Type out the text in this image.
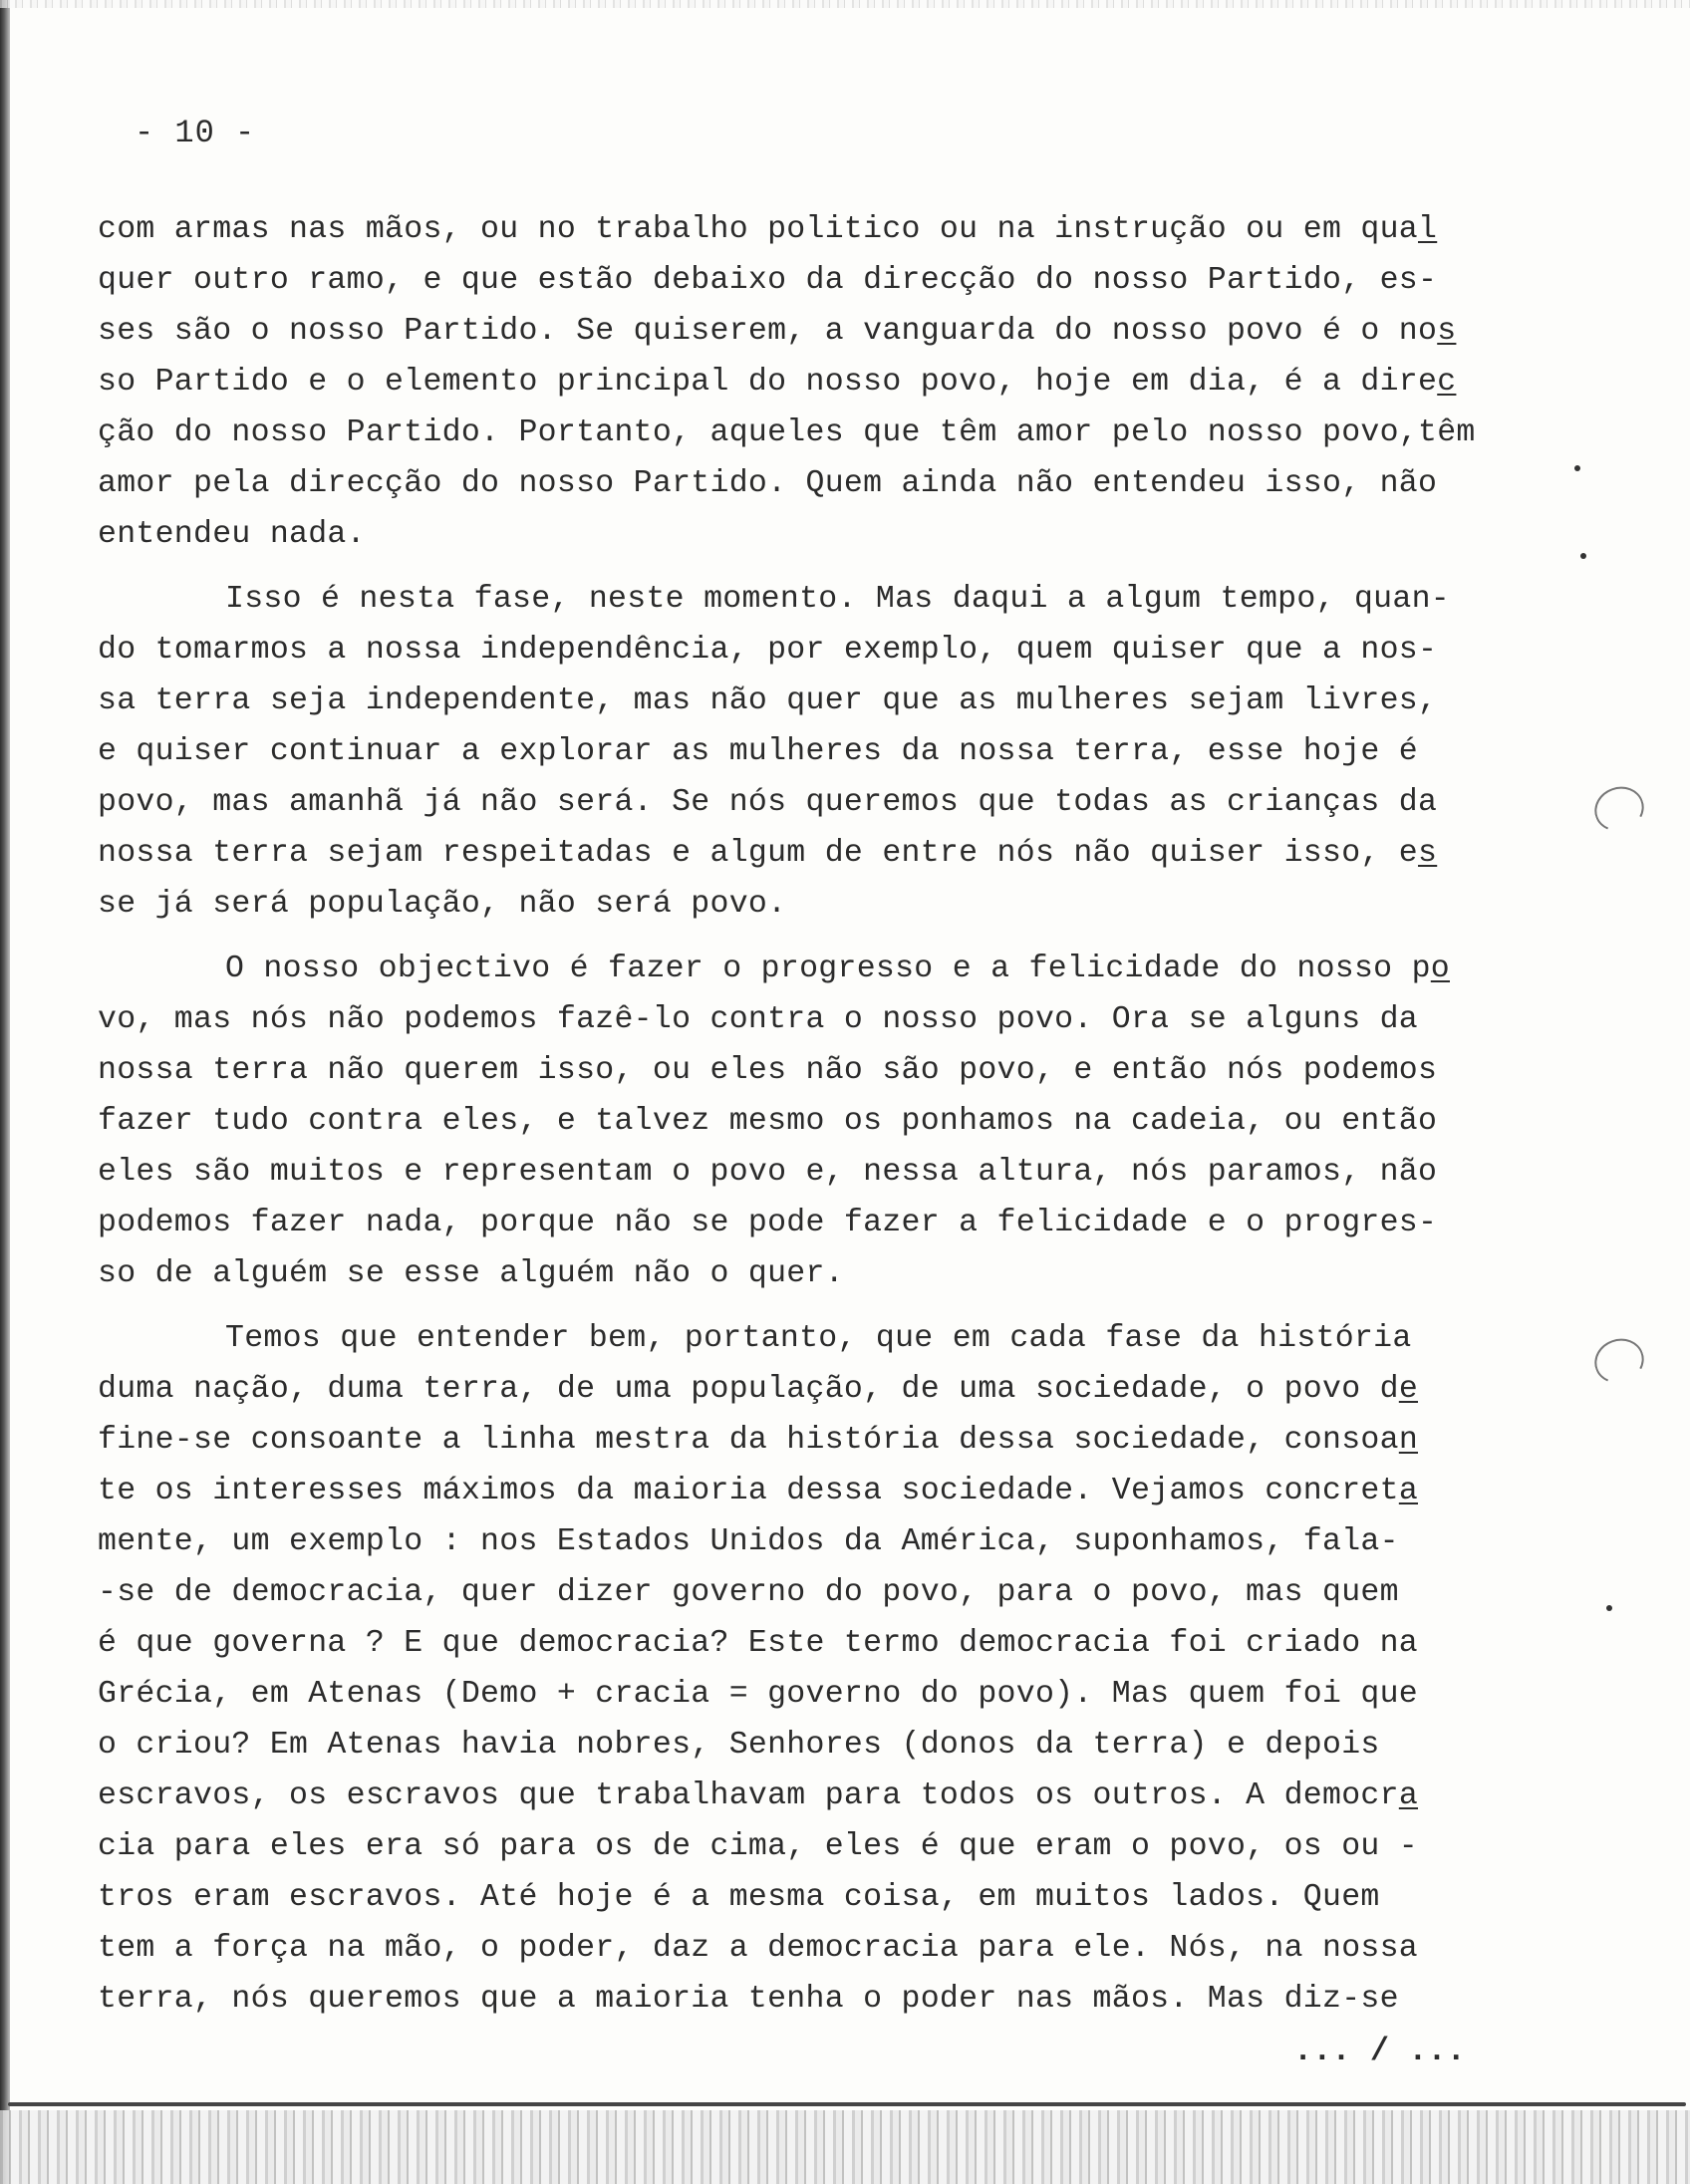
- 10 -
com armas nas mãos, ou no trabalho politico ou na instrução ou em qual
quer outro ramo, e que estão debaixo da direcção do nosso Partido, es-
ses são o nosso Partido. Se quiserem, a vanguarda do nosso povo é o nos
so Partido e o elemento principal do nosso povo, hoje em dia, é a direc
ção do nosso Partido. Portanto, aqueles que têm amor pelo nosso povo,têm
amor pela direcção do nosso Partido. Quem ainda não entendeu isso, não
entendeu nada.
Isso é nesta fase, neste momento. Mas daqui a algum tempo, quan-
do tomarmos a nossa independência, por exemplo, quem quiser que a nos-
sa terra seja independente, mas não quer que as mulheres sejam livres,
e quiser continuar a explorar as mulheres da nossa terra, esse hoje é
povo, mas amanhã já não será. Se nós queremos que todas as crianças da
nossa terra sejam respeitadas e algum de entre nós não quiser isso, es
se já será população, não será povo.
O nosso objectivo é fazer o progresso e a felicidade do nosso po
vo, mas nós não podemos fazê-lo contra o nosso povo. Ora se alguns da
nossa terra não querem isso, ou eles não são povo, e então nós podemos
fazer tudo contra eles, e talvez mesmo os ponhamos na cadeia, ou então
eles são muitos e representam o povo e, nessa altura, nós paramos, não
podemos fazer nada, porque não se pode fazer a felicidade e o progres-
so de alguém se esse alguém não o quer.
Temos que entender bem, portanto, que em cada fase da história
duma nação, duma terra, de uma população, de uma sociedade, o povo de
fine-se consoante a linha mestra da história dessa sociedade, consoan
te os interesses máximos da maioria dessa sociedade. Vejamos concreta
mente, um exemplo : nos Estados Unidos da América, suponhamos, fala-
-se de democracia, quer dizer governo do povo, para o povo, mas quem
é que governa ? E que democracia? Este termo democracia foi criado na
Grécia, em Atenas (Demo + cracia = governo do povo). Mas quem foi que
o criou? Em Atenas havia nobres, Senhores (donos da terra) e depois
escravos, os escravos que trabalhavam para todos os outros. A democra
cia para eles era só para os de cima, eles é que eram o povo, os ou -
tros eram escravos. Até hoje é a mesma coisa, em muitos lados. Quem
tem a força na mão, o poder, daz a democracia para ele. Nós, na nossa
terra, nós queremos que a maioria tenha o poder nas mãos. Mas diz-se
... / ...
